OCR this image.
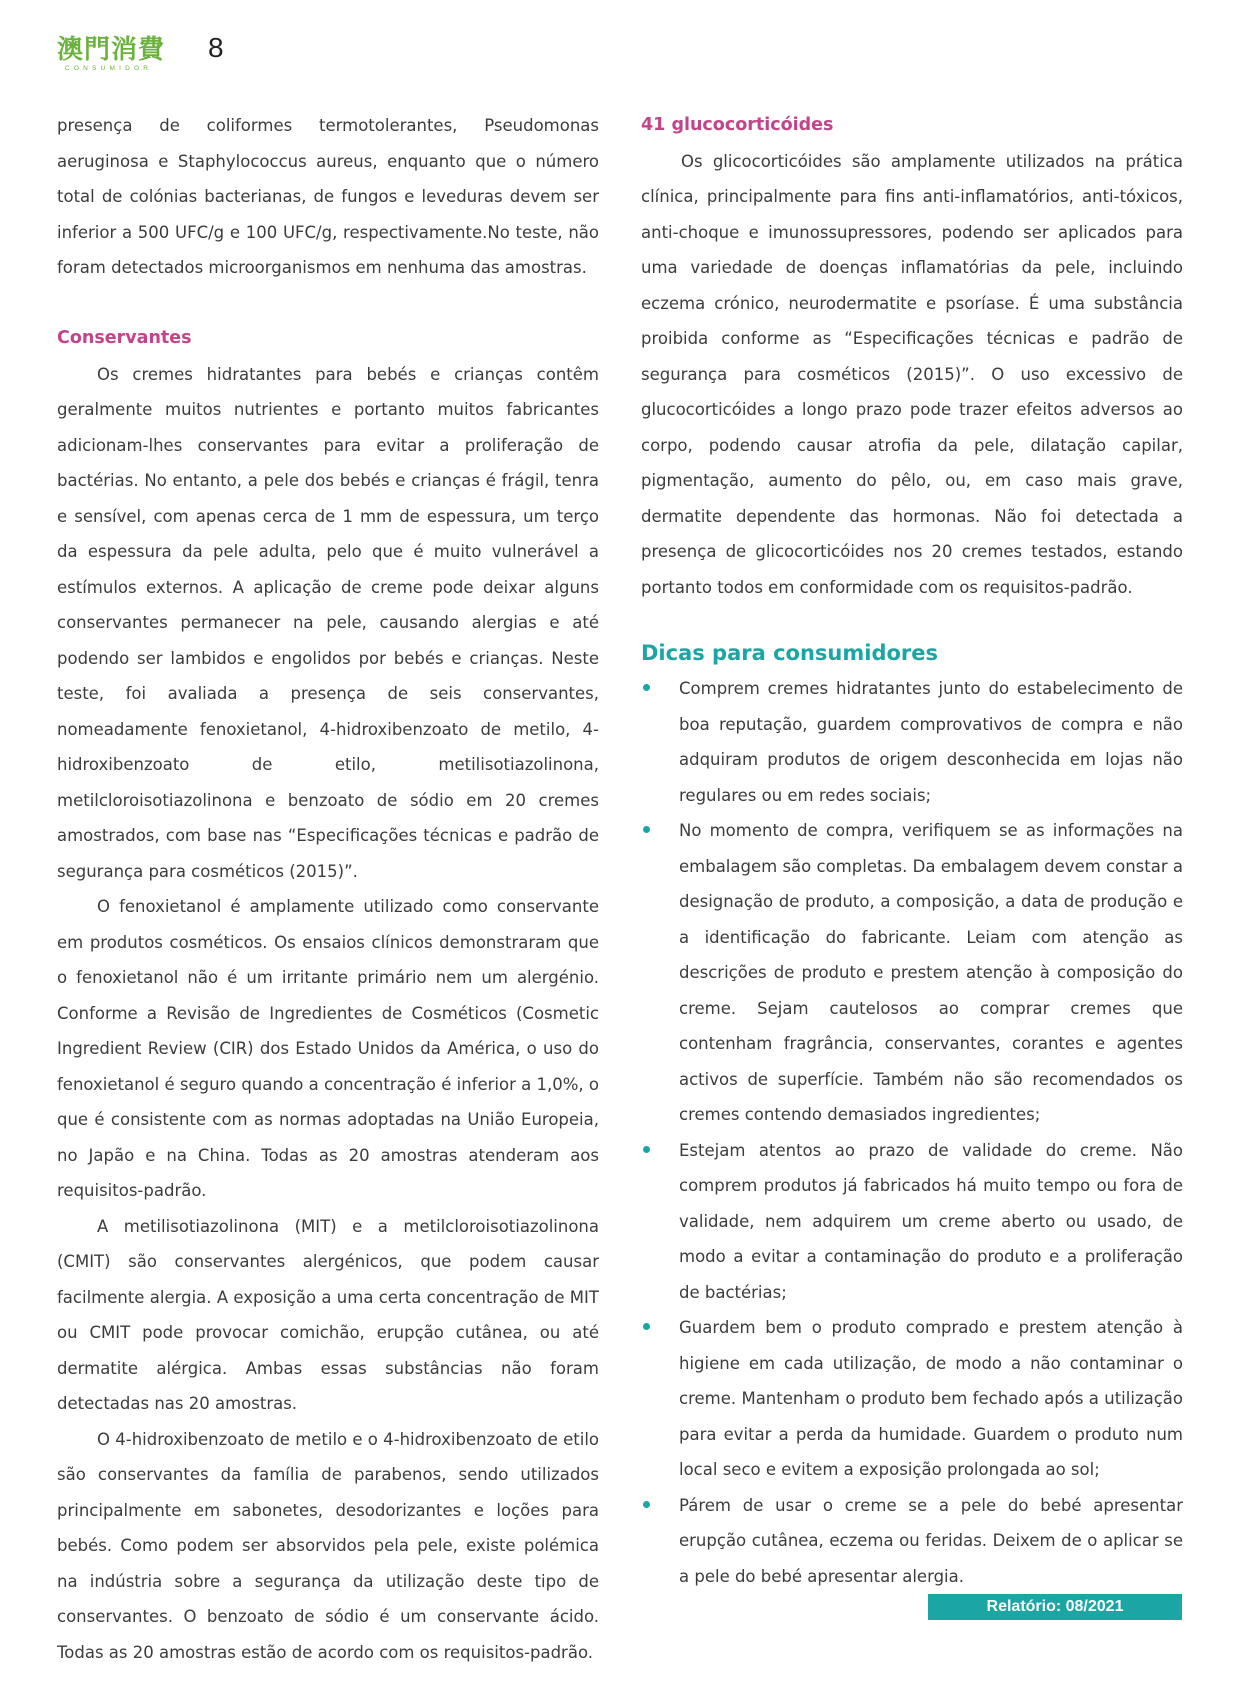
澳門消費
CONSUMIDOR
8

presença de coliformes termotolerantes, Pseudomonas aeruginosa e Staphylococcus aureus, enquanto que o número total de colónias bacterianas, de fungos e leveduras devem ser inferior a 500 UFC/g e 100 UFC/g, respectivamente.No teste, não foram detectados microorganismos em nenhuma das amostras.

Conservantes

Os cremes hidratantes para bebés e crianças contêm geralmente muitos nutrientes e portanto muitos fabricantes adicionam-lhes conservantes para evitar a proliferação de bactérias. No entanto, a pele dos bebés e crianças é frágil, tenra e sensível, com apenas cerca de 1 mm de espessura, um terço da espessura da pele adulta, pelo que é muito vulnerável a estímulos externos. A aplicação de creme pode deixar alguns conservantes permanecer na pele, causando alergias e até podendo ser lambidos e engolidos por bebés e crianças. Neste teste, foi avaliada a presença de seis conservantes, nomeadamente fenoxietanol, 4-hidroxibenzoato de metilo, 4-hidroxibenzoato de etilo, metilisotiazolinona, metilcloroisotiazolinona e benzoato de sódio em 20 cremes amostrados, com base nas “Especificações técnicas e padrão de segurança para cosméticos (2015)”.

O fenoxietanol é amplamente utilizado como conservante em produtos cosméticos. Os ensaios clínicos demonstraram que o fenoxietanol não é um irritante primário nem um alergénio. Conforme a Revisão de Ingredientes de Cosméticos (Cosmetic Ingredient Review (CIR) dos Estado Unidos da América, o uso do fenoxietanol é seguro quando a concentração é inferior a 1,0%, o que é consistente com as normas adoptadas na União Europeia, no Japão e na China. Todas as 20 amostras atenderam aos requisitos-padrão.

A metilisotiazolinona (MIT) e a metilcloroisotiazolinona (CMIT) são conservantes alergénicos, que podem causar facilmente alergia. A exposição a uma certa concentração de MIT ou CMIT pode provocar comichão, erupção cutânea, ou até dermatite alérgica. Ambas essas substâncias não foram detectadas nas 20 amostras.

O 4-hidroxibenzoato de metilo e o 4-hidroxibenzoato de etilo são conservantes da família de parabenos, sendo utilizados principalmente em sabonetes, desodorizantes e loções para bebés. Como podem ser absorvidos pela pele, existe polémica na indústria sobre a segurança da utilização deste tipo de conservantes. O benzoato de sódio é um conservante ácido. Todas as 20 amostras estão de acordo com os requisitos-padrão.

41 glucocorticóides

Os glicocorticóides são amplamente utilizados na prática clínica, principalmente para fins anti-inflamatórios, anti-tóxicos, anti-choque e imunossupressores, podendo ser aplicados para uma variedade de doenças inflamatórias da pele, incluindo eczema crónico, neurodermatite e psoríase. É uma substância proibida conforme as “Especificações técnicas e padrão de segurança para cosméticos (2015)”. O uso excessivo de glucocorticóides a longo prazo pode trazer efeitos adversos ao corpo, podendo causar atrofia da pele, dilatação capilar, pigmentação, aumento do pêlo, ou, em caso mais grave, dermatite dependente das hormonas. Não foi detectada a presença de glicocorticóides nos 20 cremes testados, estando portanto todos em conformidade com os requisitos-padrão.

Dicas para consumidores

Comprem cremes hidratantes junto do estabelecimento de boa reputação, guardem comprovativos de compra e não adquiram produtos de origem desconhecida em lojas não regulares ou em redes sociais;

No momento de compra, verifiquem se as informações na embalagem são completas. Da embalagem devem constar a designação de produto, a composição, a data de produção e a identificação do fabricante. Leiam com atenção as descrições de produto e prestem atenção à composição do creme. Sejam cautelosos ao comprar cremes que contenham fragrância, conservantes, corantes e agentes activos de superfície. Também não são recomendados os cremes contendo demasiados ingredientes;

Estejam atentos ao prazo de validade do creme. Não comprem produtos já fabricados há muito tempo ou fora de validade, nem adquirem um creme aberto ou usado, de modo a evitar a contaminação do produto e a proliferação de bactérias;

Guardem bem o produto comprado e prestem atenção à higiene em cada utilização, de modo a não contaminar o creme. Mantenham o produto bem fechado após a utilização para evitar a perda da humidade. Guardem o produto num local seco e evitem a exposição prolongada ao sol;

Párem de usar o creme se a pele do bebé apresentar erupção cutânea, eczema ou feridas. Deixem de o aplicar se a pele do bebé apresentar alergia.

Relatório: 08/2021
